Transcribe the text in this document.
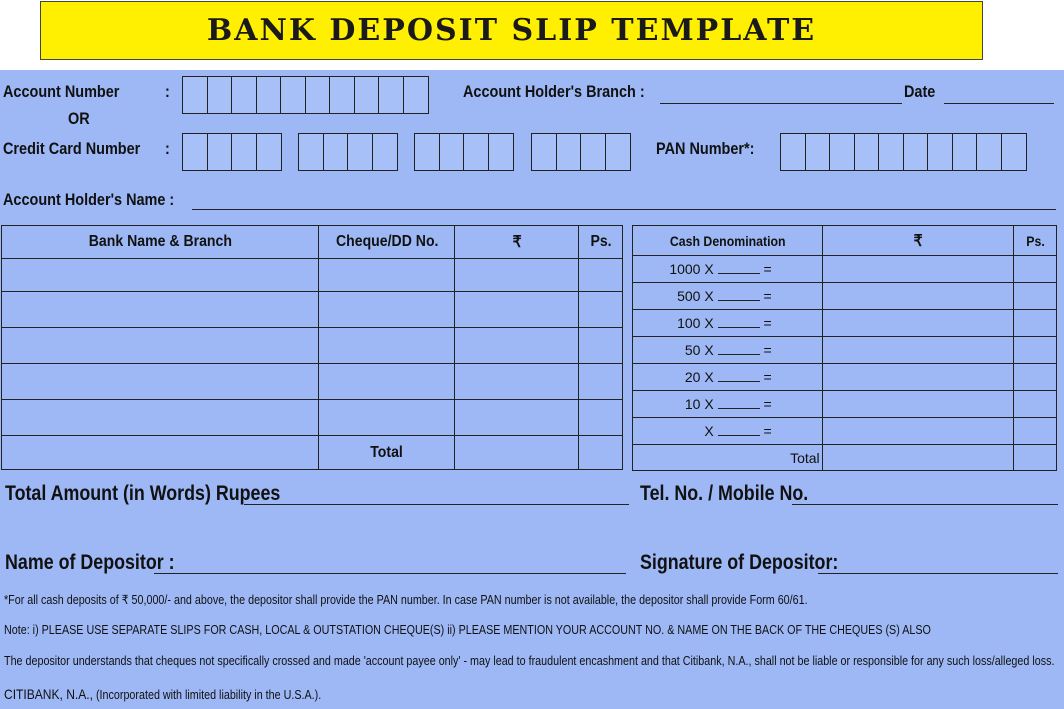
BANK DEPOSIT SLIP TEMPLATE
Account Number	:	Account Holder's Branch :	Date
OR
Credit Card Number :	PAN Number*:
Account Holder's Name :
Bank Name & Branch	Cheque/DD No.	₹	Ps.

	Total		
Cash Denomination	₹	Ps.
1000 X =		
500 X =		
100 X =		
50 X =		
20 X =		
10 X =		
X =		
Total		
Total Amount (in Words) Rupees	Tel. No. / Mobile No.
Name of Depositor :	Signature of Depositor:
*For all cash deposits of ₹ 50,000/- and above, the depositor shall provide the PAN number. In case PAN number is not available, the depositor shall provide Form 60/61.
Note: i) PLEASE USE SEPARATE SLIPS FOR CASH, LOCAL & OUTSTATION CHEQUE(S) ii) PLEASE MENTION YOUR ACCOUNT NO. & NAME ON THE BACK OF THE CHEQUES (S) ALSO
The depositor understands that cheques not specifically crossed and made 'account payee only' - may lead to fraudulent encashment and that Citibank, N.A., shall not be liable or responsible for any such loss/alleged loss.
CITIBANK, N.A., (Incorporated with limited liability in the U.S.A.).
